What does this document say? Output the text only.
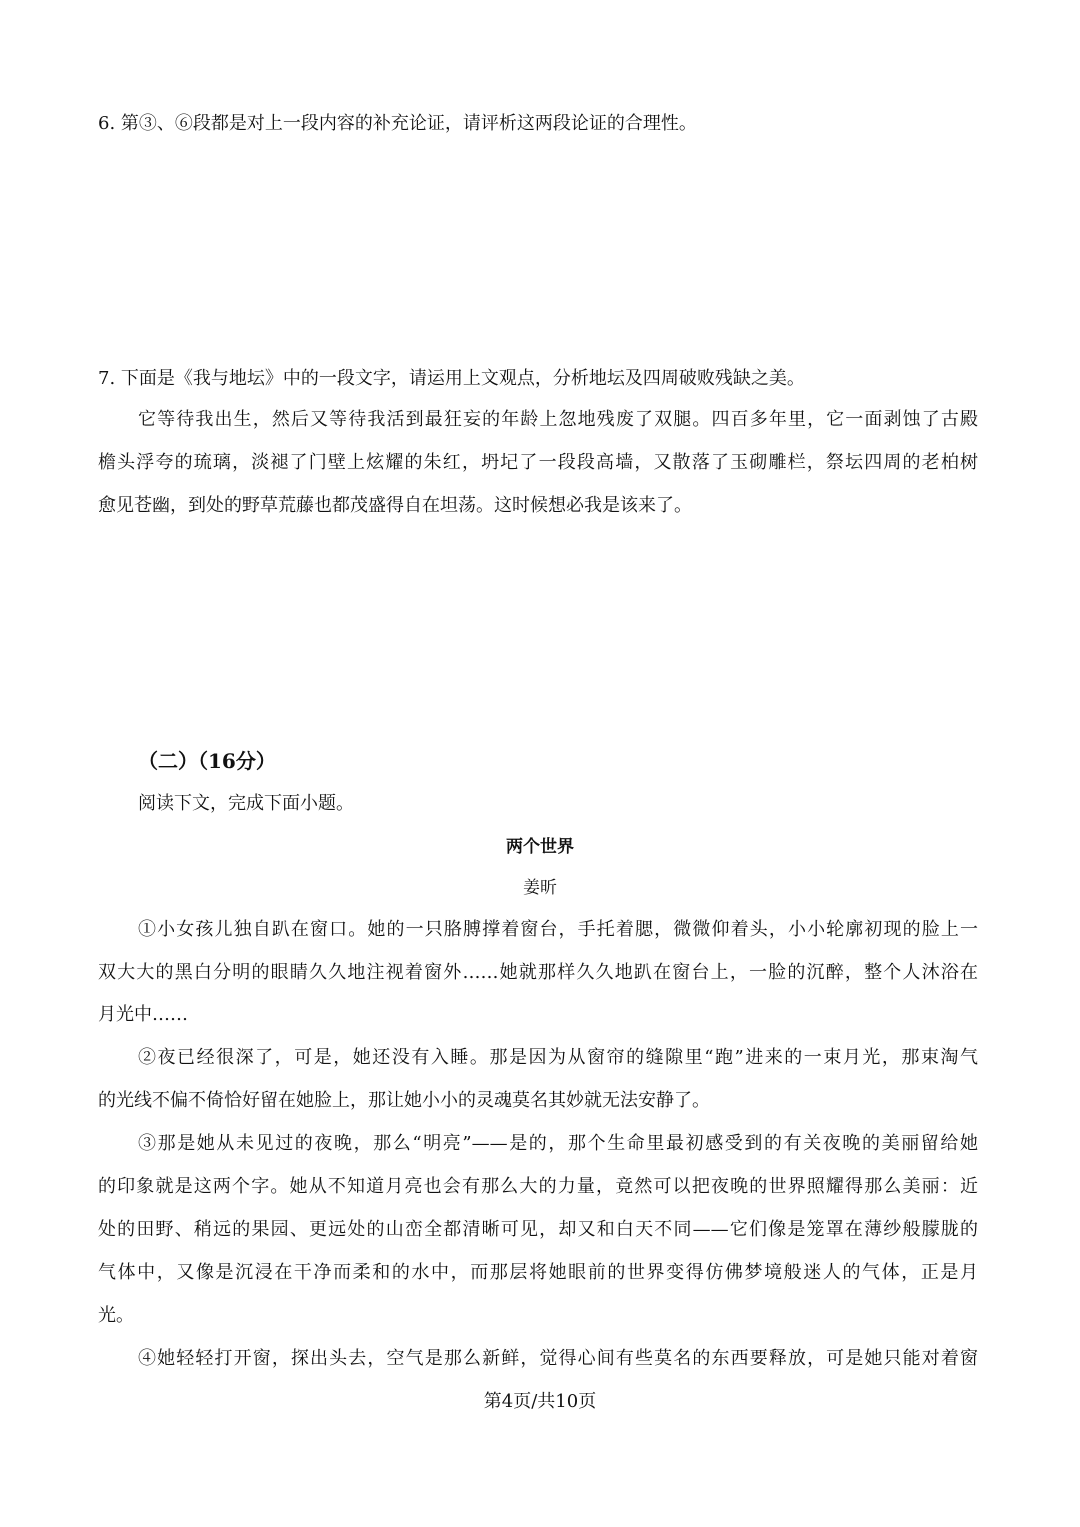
6. 第③、⑥段都是对上一段内容的补充论证，请评析这两段论证的合理性。
7. 下面是《我与地坛》中的一段文字，请运用上文观点，分析地坛及四周破败残缺之美。
它等待我出生，然后又等待我活到最狂妄的年龄上忽地残废了双腿。四百多年里，它一面剥蚀了古殿
檐头浮夸的琉璃，淡褪了门壁上炫耀的朱红，坍圮了一段段高墙，又散落了玉砌雕栏，祭坛四周的老柏树
愈见苍幽，到处的野草荒藤也都茂盛得自在坦荡。这时候想必我是该来了。
（二）（16分）
阅读下文，完成下面小题。
两个世界
姜昕
①小女孩儿独自趴在窗口。她的一只胳膊撑着窗台，手托着腮，微微仰着头，小小轮廓初现的脸上一
双大大的黑白分明的眼睛久久地注视着窗外……她就那样久久地趴在窗台上，一脸的沉醉，整个人沐浴在
月光中……
②夜已经很深了，可是，她还没有入睡。那是因为从窗帘的缝隙里“跑”进来的一束月光，那束淘气
的光线不偏不倚恰好留在她脸上，那让她小小的灵魂莫名其妙就无法安静了。
③那是她从未见过的夜晚，那么“明亮”——是的，那个生命里最初感受到的有关夜晚的美丽留给她
的印象就是这两个字。她从不知道月亮也会有那么大的力量，竟然可以把夜晚的世界照耀得那么美丽：近
处的田野、稍远的果园、更远处的山峦全都清晰可见，却又和白天不同——它们像是笼罩在薄纱般朦胧的
气体中，又像是沉浸在干净而柔和的水中，而那层将她眼前的世界变得仿佛梦境般迷人的气体，正是月
光。
④她轻轻打开窗，探出头去，空气是那么新鲜，觉得心间有些莫名的东西要释放，可是她只能对着窗
第4页/共10页
